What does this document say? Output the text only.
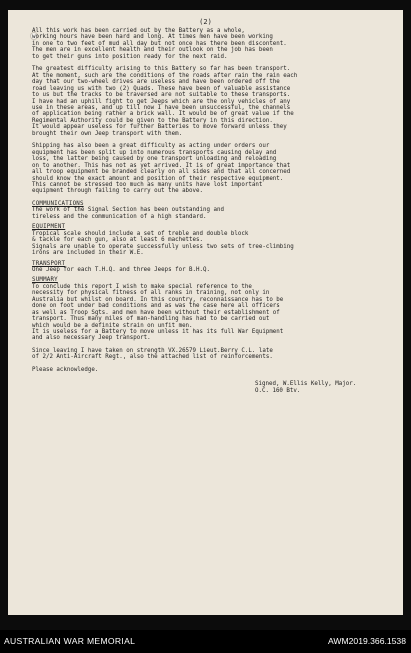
(2)

All this work has been carried out by the Battery as a whole,
working hours have been hard and long. At times men have been working
in one to two feet of mud all day but not once has there been discontent.
The men are in excellent health and their outlook on the job has been
to get their guns into position ready for the next raid.

The greatest difficulty arising to this Battery so far has been transport.
At the moment, such are the conditions of the roads after rain the rain each
day that our two-wheel drives are useless and have been ordered off the
road leaving us with two (2) Quads. These have been of valuable assistance
to us but the tracks to be traversed are not suitable to these transports.
I have had an uphill fight to get Jeeps which are the only vehicles of any
use in these areas, and up till now I have been unsuccessful, the channels
of application being rather a brick wall. It would be of great value if the
Regimental Authority could be given to the Battery in this direction.
It would appear useless for further Batteries to move forward unless they
brought their own Jeep transport with them.

Shipping has also been a great difficulty as acting under orders our
equipment has been split up into numerous transports causing delay and
loss, the latter being caused by one transport unloading and reloading
on to another. This has not as yet arrived. It is of great importance that
all troop equipment be branded clearly on all sides and that all concerned
should know the exact amount and position of their respective equipment.
This cannot be stressed too much as many units have lost important
equipment through failing to carry out the above.

COMMUNICATIONS

The work of the Signal Section has been outstanding and
tireless and the communication of a high standard.

EQUIPMENT

Tropical scale should include a set of treble and double block
& tackle for each gun, also at least 6 machettes.
Signals are unable to operate successfully unless two sets of tree-climbing
irons are included in their W.E.

TRANSPORT

One Jeep for each T.H.Q. and three Jeeps for B.H.Q.

SUMMARY

To conclude this report I wish to make special reference to the
necessity for physical fitness of all ranks in training, not only in
Australia but whilst on board. In this country, reconnaissance has to be
done on foot under bad conditions and as was the case here all officers
as well as Troop Sgts. and men have been without their establishment of
transport. Thus many miles of man-handling has had to be carried out
which would be a definite strain on unfit men.
It is useless for a Battery to move unless it has its full War Equipment
and also necessary Jeep transport.

Since leaving I have taken on strength VX.26579 Lieut.Berry C.L. late
of 2/2 Anti-Aircraft Regt., also the attached list of reinforcements.

Please acknowledge.

Signed, W.Ellis Kelly, Major.
O.C. 160 Btv.
AUSTRALIAN WAR MEMORIAL	AWM2019.366.1538
